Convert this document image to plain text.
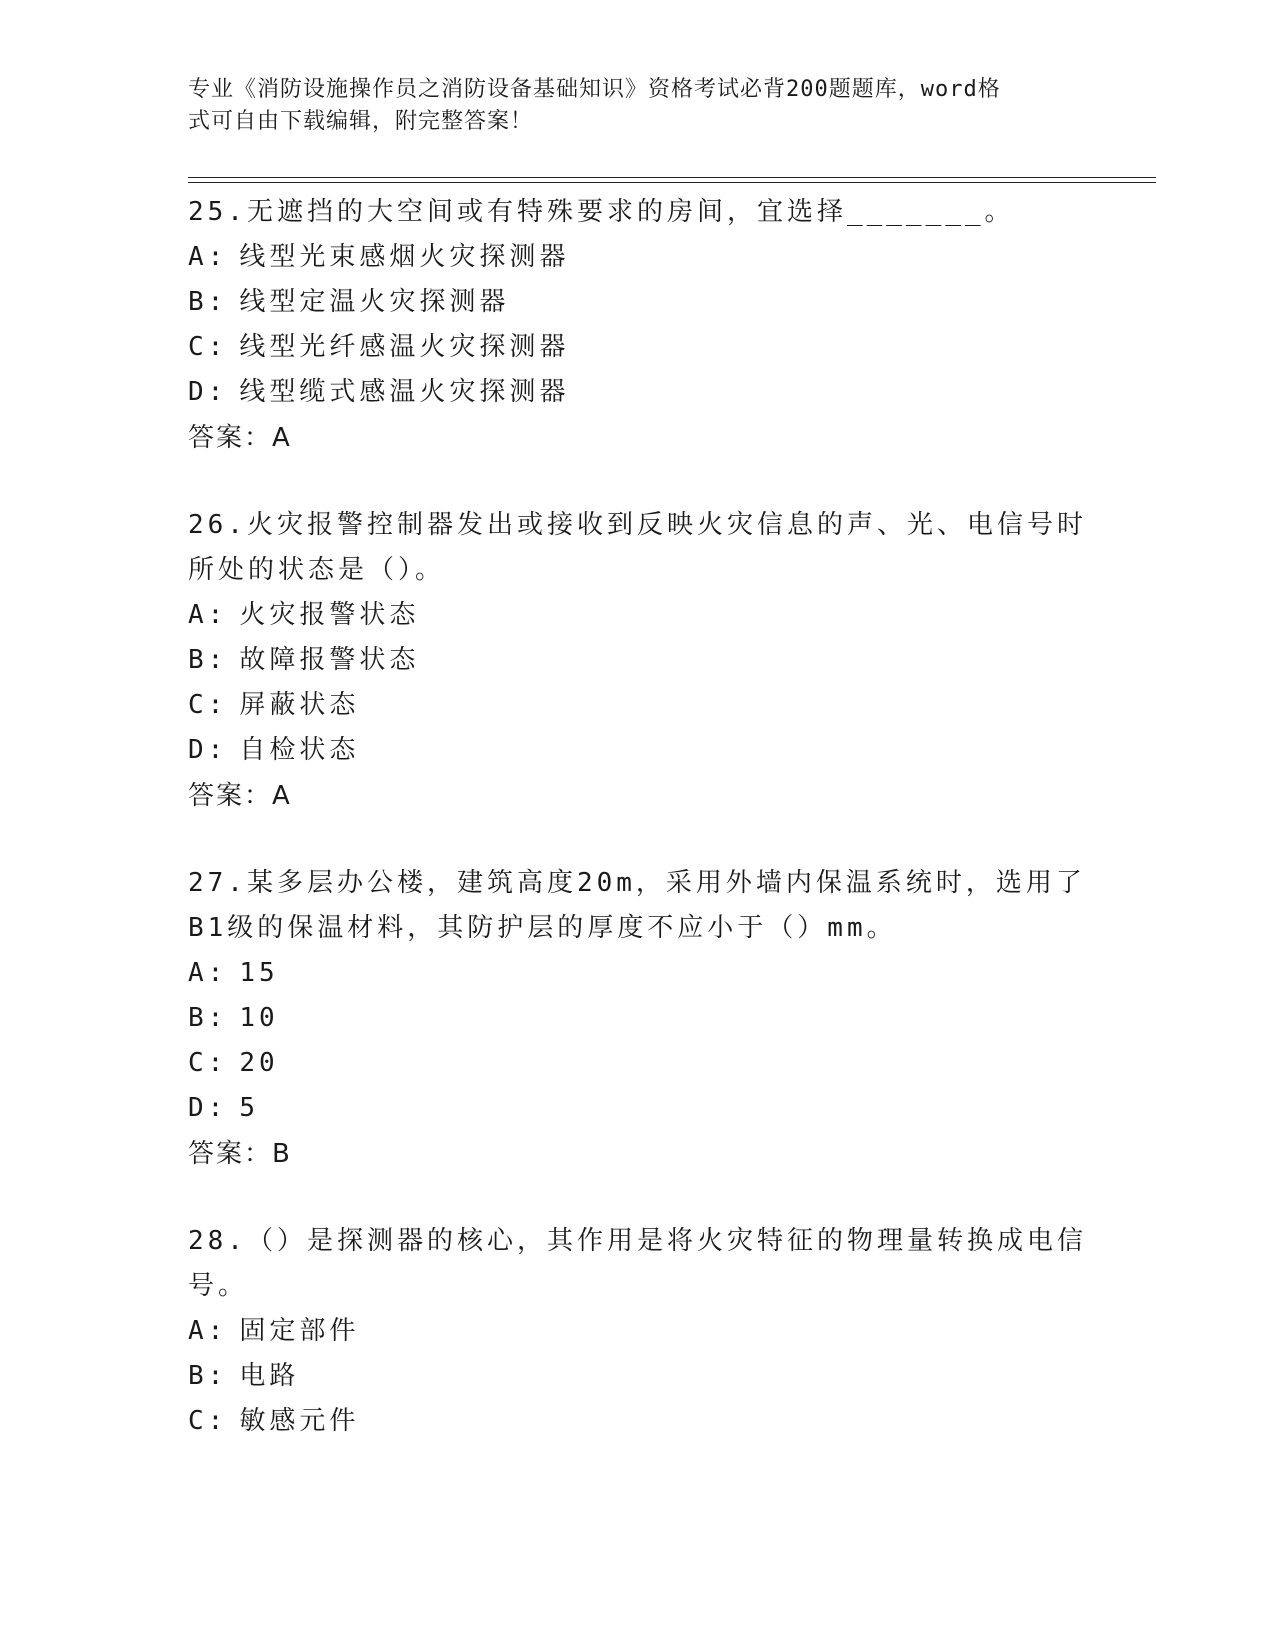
专业《消防设施操作员之消防设备基础知识》资格考试必背200题题库，word格
式可自由下载编辑，附完整答案！

25.无遮挡的大空间或有特殊要求的房间，宜选择_______。

A: 线型光束感烟火灾探测器

B: 线型定温火灾探测器

C: 线型光纤感温火灾探测器

D: 线型缆式感温火灾探测器

答案：A

26.火灾报警控制器发出或接收到反映火灾信息的声、光、电信号时所处的状态是（）。

A: 火灾报警状态

B: 故障报警状态

C: 屏蔽状态

D: 自检状态

答案：A

27.某多层办公楼，建筑高度20m，采用外墙内保温系统时，选用了B1级的保温材料，其防护层的厚度不应小于（）mm。

A: 15

B: 10

C: 20

D: 5

答案：B

28.（）是探测器的核心，其作用是将火灾特征的物理量转换成电信号。

A: 固定部件

B: 电路

C: 敏感元件
